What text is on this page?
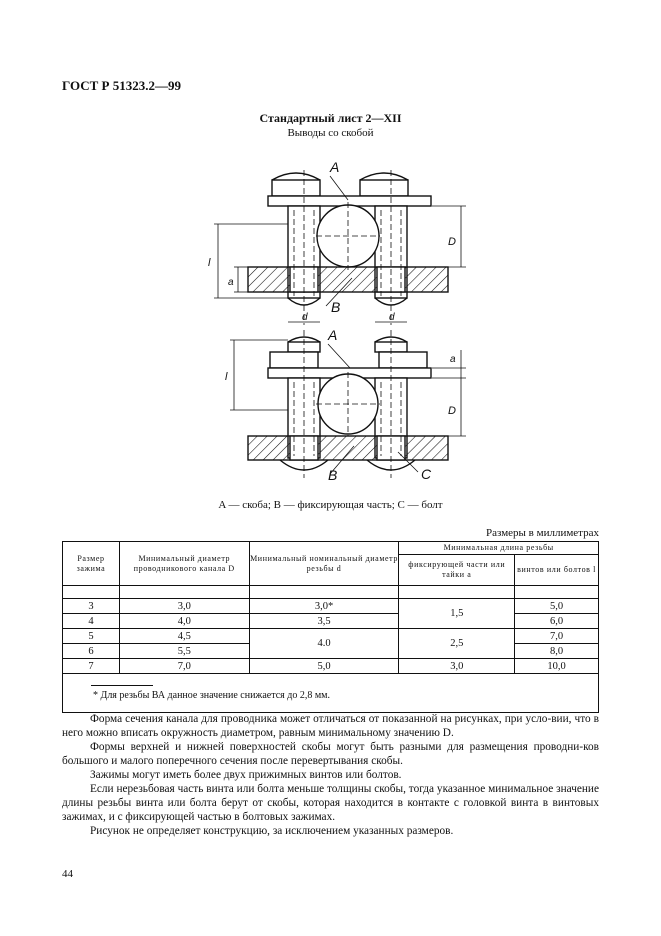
ГОСТ Р 51323.2—99
Стандартный лист 2—XII
Выводы со скобой
A
D
l
a
d	d
B
A
a
D
l
B	C
A — скоба; B — фиксирующая часть; C — болт
Размеры в миллиметрах
Размер зажима	Минимальный диаметр проводникового канала D	Минимальный номинальный диаметр резьбы d	Минимальная длина резьбы	
			фиксирующей части или тайки a	винтов или болтов l

3	3,0	3,0*	1,5	5,0
4	4,0	3,5		6,0
5	4,5	4.0	2,5	7,0
6	5,5			8,0
7	7,0	5,0	3,0	10,0

* Для резьбы ВА данное значение снижается до 2,8 мм.				

Форма сечения канала для проводника может отличаться от показанной на рисунках, при усло-вии, что в него можно вписать окружность диаметром, равным минимальному значению D.

Формы верхней и нижней поверхностей скобы могут быть разными для размещения проводни-ков большого и малого поперечного сечения после перевертывания скобы.

Зажимы могут иметь более двух прижимных винтов или болтов.

Если нерезьбовая часть винта или болта меньше толщины скобы, тогда указанное минимальное значение длины резьбы винта или болта берут от скобы, которая находится в контакте с головкой винта в винтовых зажимах, и с фиксирующей частью в болтовых зажимах.

Рисунок не определяет конструкцию, за исключением указанных размеров.

44
